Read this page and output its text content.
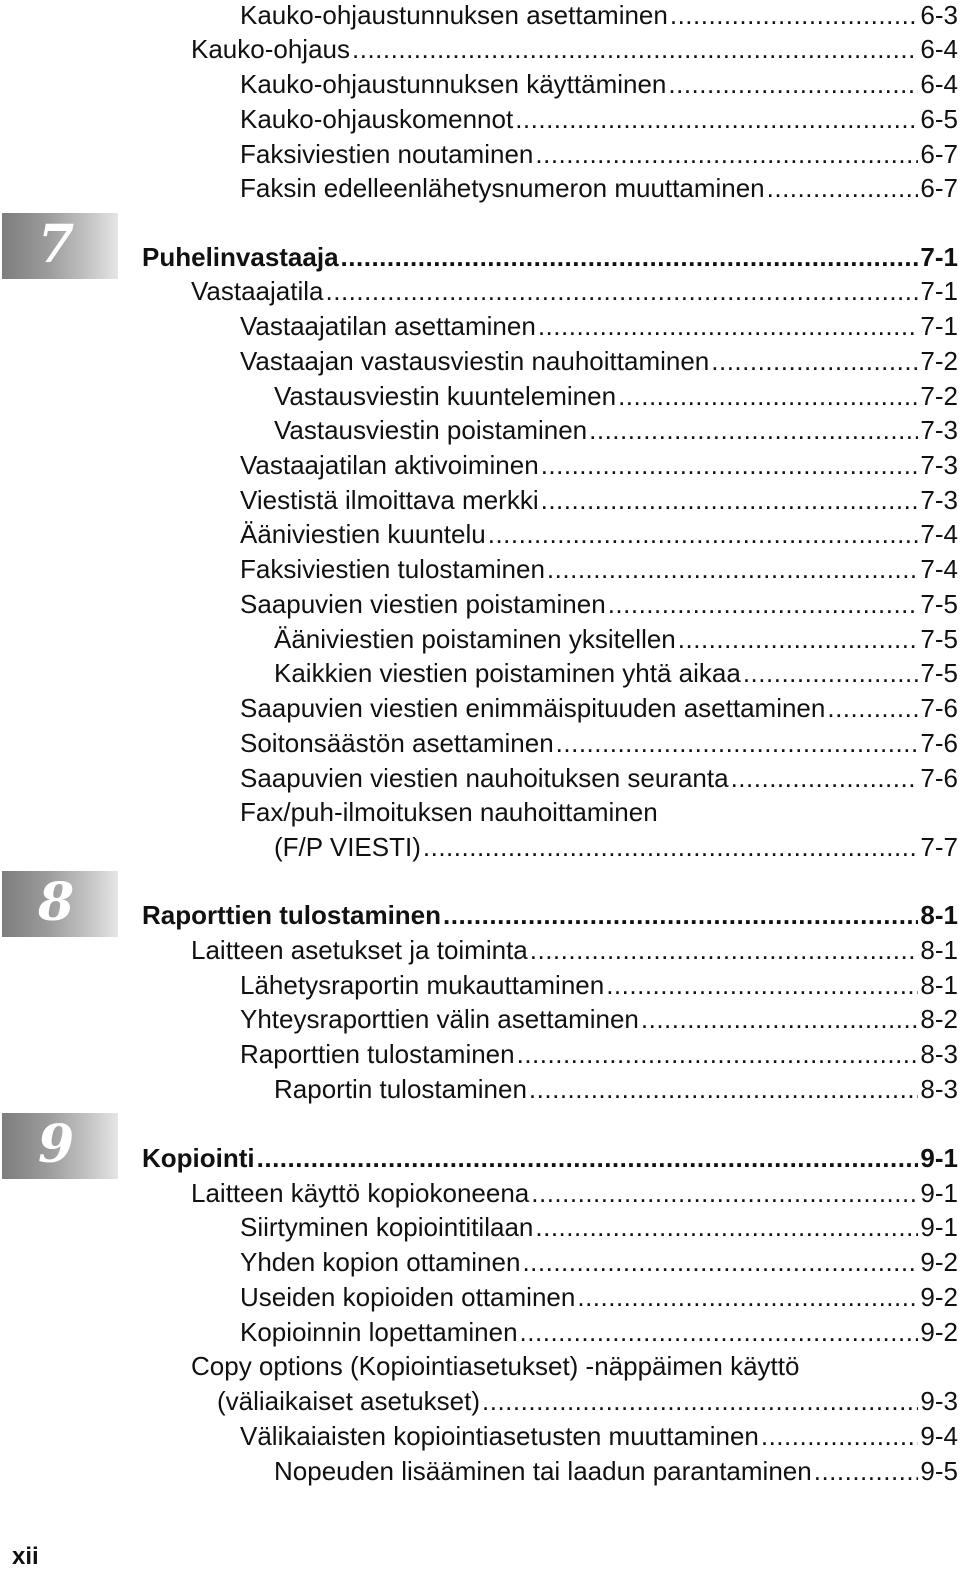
7
8
9
Kauko-ohjaustunnuksen asettaminen .....	6-3
Kauko-ohjaus .....	6-4
Kauko-ohjaustunnuksen käyttäminen .....	6-4
Kauko-ohjauskomennot .....	6-5
Faksiviestien noutaminen .....	6-7
Faksin edelleenlähetysnumeron muuttaminen .....	6-7
Puhelinvastaaja .....	7-1
Vastaajatila .....	7-1
Vastaajatilan asettaminen .....	7-1
Vastaajan vastausviestin nauhoittaminen .....	7-2
Vastausviestin kuunteleminen .....	7-2
Vastausviestin poistaminen .....	7-3
Vastaajatilan aktivoiminen .....	7-3
Viestistä ilmoittava merkki .....	7-3
Ääniviestien kuuntelu .....	7-4
Faksiviestien tulostaminen .....	7-4
Saapuvien viestien poistaminen .....	7-5
Ääniviestien poistaminen yksitellen .....	7-5
Kaikkien viestien poistaminen yhtä aikaa .....	7-5
Saapuvien viestien enimmäispituuden asettaminen .....	7-6
Soitonsäästön asettaminen .....	7-6
Saapuvien viestien nauhoituksen seuranta .....	7-6
Fax/puh-ilmoituksen nauhoittaminen
(F/P VIESTI) .....	7-7
Raporttien tulostaminen .....	8-1
Laitteen asetukset ja toiminta .....	8-1
Lähetysraportin mukauttaminen .....	8-1
Yhteysraporttien välin asettaminen .....	8-2
Raporttien tulostaminen .....	8-3
Raportin tulostaminen .....	8-3
Kopiointi .....	9-1
Laitteen käyttö kopiokoneena .....	9-1
Siirtyminen kopiointitilaan .....	9-1
Yhden kopion ottaminen .....	9-2
Useiden kopioiden ottaminen .....	9-2
Kopioinnin lopettaminen .....	9-2
Copy options (Kopiointiasetukset) -näppäimen käyttö
(väliaikaiset asetukset) .....	9-3
Välikaiaisten kopiointiasetusten muuttaminen .....	9-4
Nopeuden lisääminen tai laadun parantaminen .....	9-5
xii
